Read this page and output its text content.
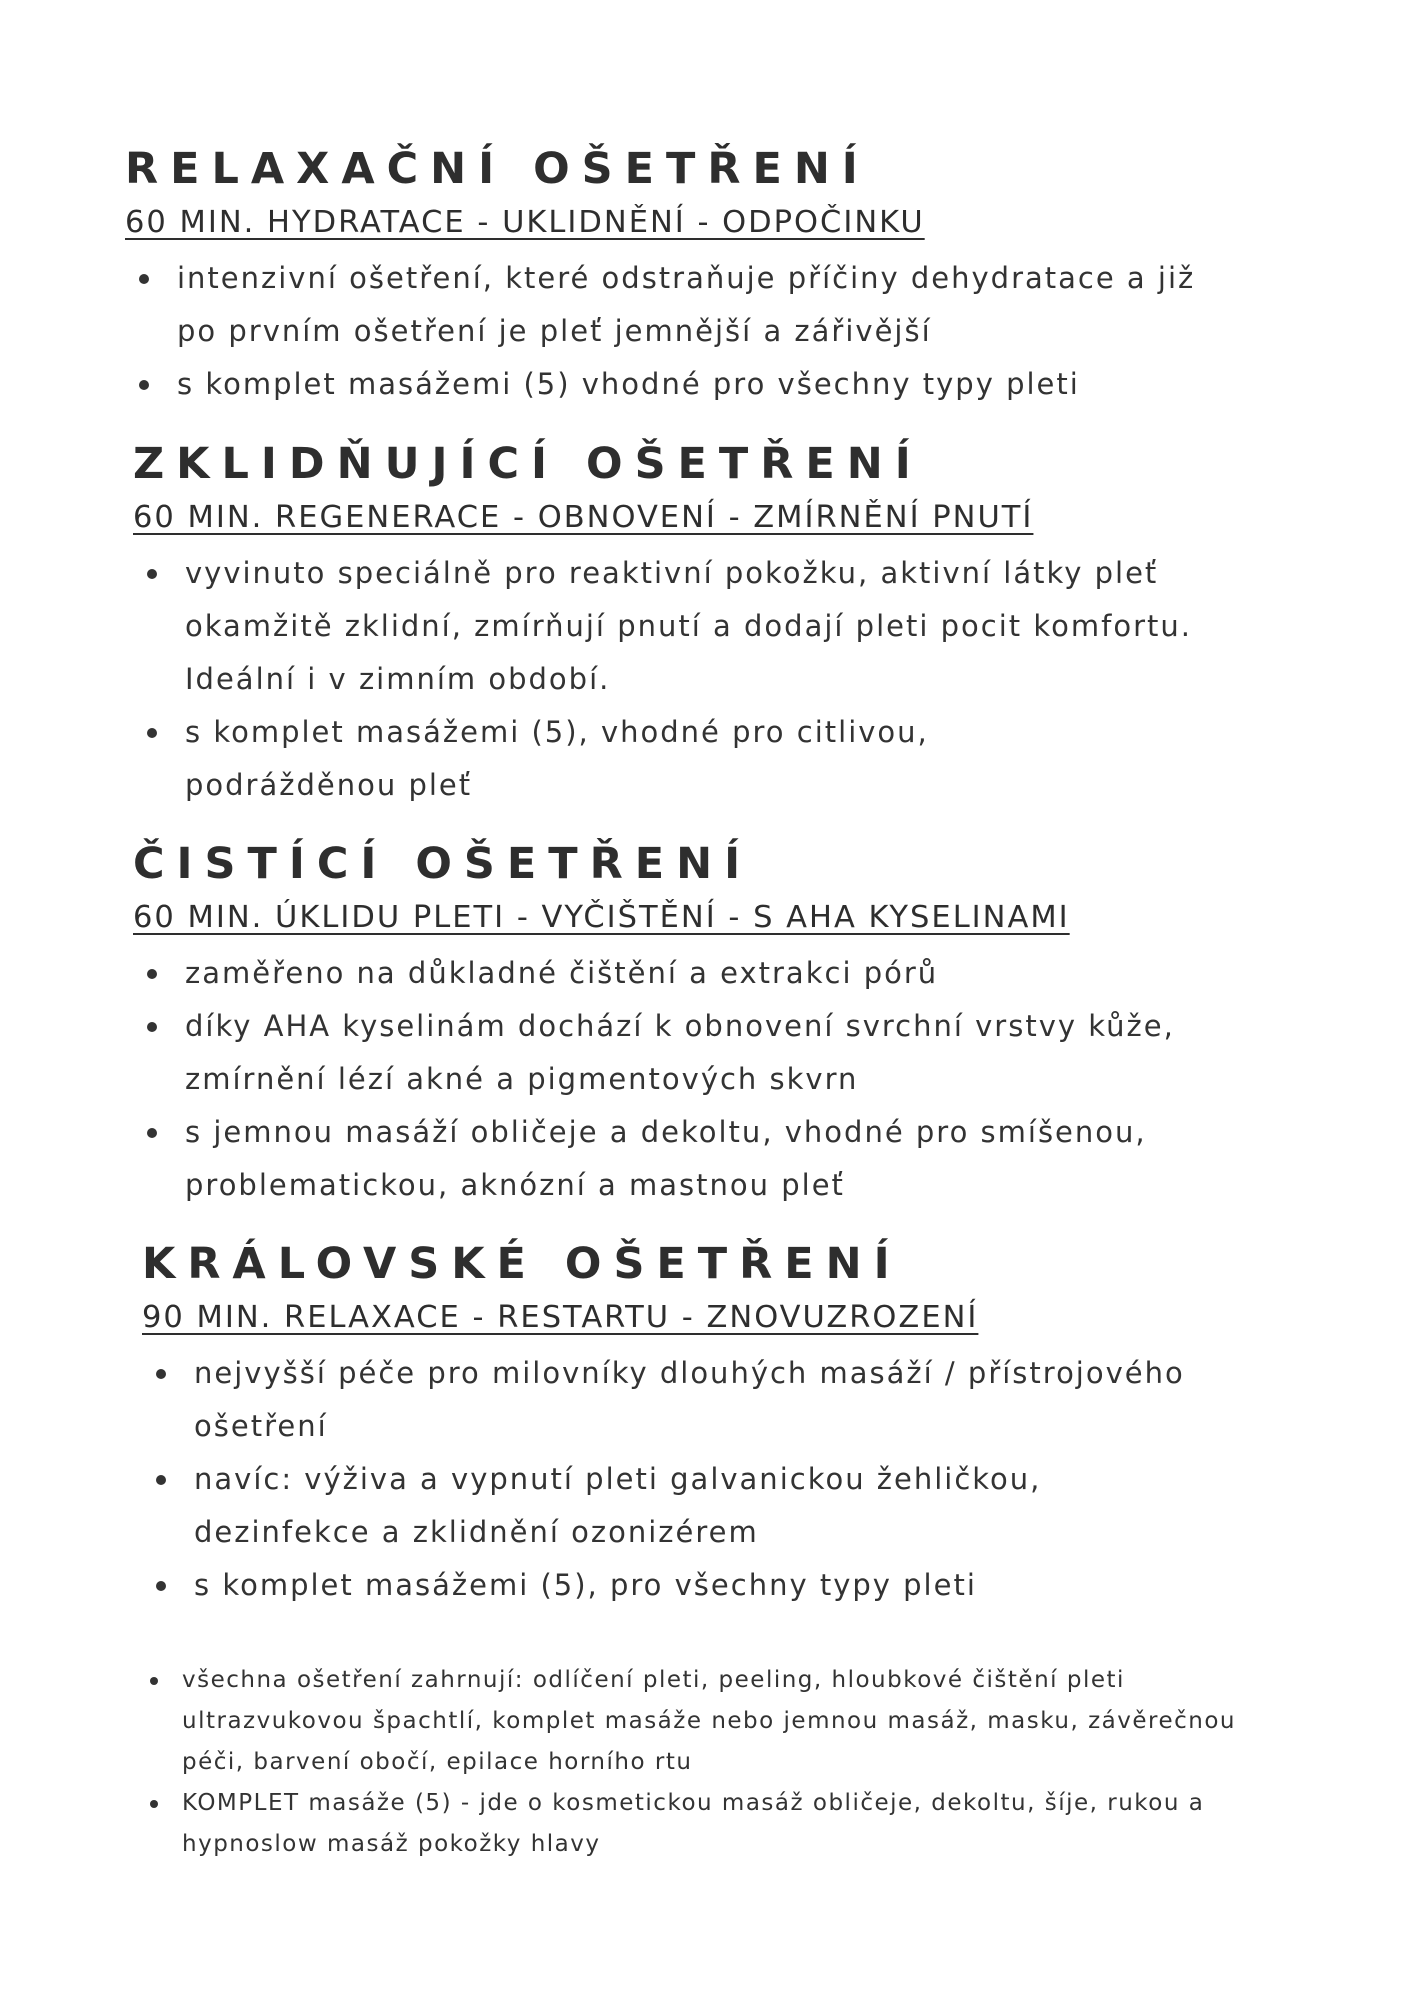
RELAXAČNÍ OŠETŘENÍ
60 MIN. HYDRATACE - UKLIDNĚNÍ - ODPOČINKU
intenzivní ošetření, které odstraňuje příčiny dehydratace a již po prvním ošetření je pleť jemnější a zářivější
s komplet masážemi (5) vhodné pro všechny typy pleti
ZKLIDŇUJÍCÍ OŠETŘENÍ
60 MIN. REGENERACE - OBNOVENÍ - ZMÍRNĚNÍ PNUTÍ
vyvinuto speciálně pro reaktivní pokožku, aktivní látky pleť okamžitě zklidní, zmírňují pnutí a dodají pleti pocit komfortu. Ideální i v zimním období.
s komplet masážemi (5), vhodné pro citlivou, podrážděnou pleť
ČISTÍCÍ OŠETŘENÍ
60 MIN. ÚKLIDU PLETI - VYČIŠTĚNÍ - S AHA KYSELINAMI
zaměřeno na důkladné čištění a extrakci pórů
díky AHA kyselinám dochází k obnovení svrchní vrstvy kůže, zmírnění lézí akné a pigmentových skvrn
s jemnou masáží obličeje a dekoltu, vhodné pro smíšenou, problematickou, aknózní a mastnou pleť
KRÁLOVSKÉ OŠETŘENÍ
90 MIN. RELAXACE - RESTARTU - ZNOVUZROZENÍ
nejvyšší péče pro milovníky dlouhých masáží / přístrojového ošetření
navíc: výživa a vypnutí pleti galvanickou žehličkou, dezinfekce a zklidnění ozonizérem
s komplet masážemi (5), pro všechny typy pleti
všechna ošetření zahrnují: odlíčení pleti, peeling, hloubkové čištění pleti ultrazvukovou špachtlí, komplet masáže nebo jemnou masáž, masku, závěrečnou péči, barvení obočí, epilace horního rtu
KOMPLET masáže (5) - jde o kosmetickou masáž obličeje, dekoltu, šíje, rukou a hypnoslow masáž pokožky hlavy
